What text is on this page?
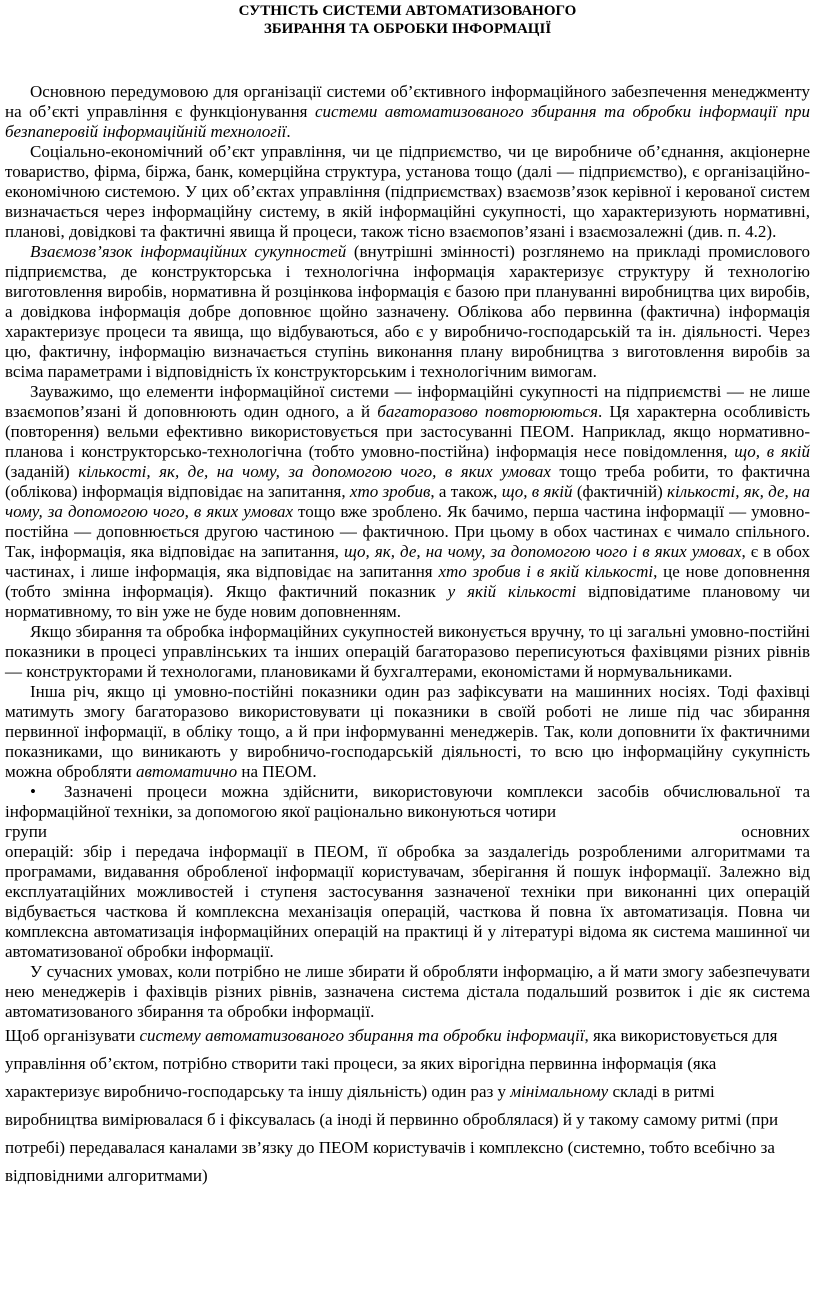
СУТНІСТЬ СИСТЕМИ АВТОМАТИЗОВАНОГО
ЗБИРАННЯ ТА ОБРОБКИ ІНФОРМАЦІЇ

Основною передумовою для організації системи об’єктивного інформаційного забезпечення менеджменту на об’єкті управління є функціонування системи автоматизованого збирання та обробки інформації при безпаперовій інформаційній технології.

Соціально-економічний об’єкт управління, чи це підприємство, чи це виробниче об’єднання, акціонерне товариство, фірма, біржа, банк, комерційна структура, установа тощо (далі — підприємство), є організаційно-економічною системою. У цих об’єктах управління (підприємствах) взаємозв’язок керівної і керованої систем визначається через інформаційну систему, в якій інформаційні сукупності, що характеризують нормативні, планові, довідкові та фактичні явища й процеси, також тісно взаємопов’язані і взаємозалежні (див. п. 4.2).

Взаємозв’язок інформаційних сукупностей (внутрішні змінності) розглянемо на прикладі промислового підприємства, де конструкторська і технологічна інформація характеризує структуру й технологію виготовлення виробів, нормативна й розцінкова інформація є базою при плануванні виробництва цих виробів, а довідкова інформація добре доповнює щойно зазначену. Облікова або первинна (фактична) інформація характеризує процеси та явища, що відбуваються, або є у виробничо-господарській та ін. діяльності. Через цю, фактичну, інформацію визначається ступінь виконання плану виробництва з виготовлення виробів за всіма параметрами і відповідність їх конструкторським і технологічним вимогам.

Зауважимо, що елементи інформаційної системи — інформаційні сукупності на підприємстві — не лише взаємопов’язані й доповнюють один одного, а й багаторазово повторюються. Ця характерна особливість (повторення) вельми ефективно використовується при застосуванні ПЕОМ. Наприклад, якщо нормативно-планова і конструкторсько-технологічна (тобто умовно-постійна) інформація несе повідомлення, що, в якій (заданій) кількості, як, де, на чому, за допомогою чого, в яких умовах тощо треба робити, то фактична (облікова) інформація відповідає на запитання, хто зробив, а також, що, в якій (фактичній) кількості, як, де, на чому, за допомогою чого, в яких умовах тощо вже зроблено. Як бачимо, перша частина інформації — умовно-постійна — доповнюється другою частиною — фактичною. При цьому в обох частинах є чимало спільного. Так, інформація, яка відповідає на запитання, що, як, де, на чому, за допомогою чого і в яких умовах, є в обох частинах, і лише інформація, яка відповідає на запитання хто зробив і в якій кількості, це нове доповнення (тобто змінна інформація). Якщо фактичний показник у якій кількості відповідатиме плановому чи нормативному, то він уже не буде новим доповненням.

Якщо збирання та обробка інформаційних сукупностей виконується вручну, то ці загальні умовно-постійні показники в процесі управлінських та інших операцій багаторазово переписуються фахівцями різних рівнів — конструкторами й технологами, плановиками й бухгалтерами, економістами й нормувальниками.

Інша річ, якщо ці умовно-постійні показники один раз зафіксувати на машинних носіях. Тоді фахівці матимуть змогу багаторазово використовувати ці показники в своїй роботі не лише під час збирання первинної інформації, в обліку тощо, а й при інформуванні менеджерів. Так, коли доповнити їх фактичними показниками, що виникають у виробничо-господарській діяльності, то всю цю інформаційну сукупність можна обробляти автоматично на ПЕОМ.

• Зазначені процеси можна здійснити, використовуючи комплекси засобів обчислювальної та інформаційної техніки, за допомогою якої раціонально виконуються чотири

групи	основних

операцій: збір і передача інформації в ПЕОМ, її обробка за заздалегідь розробленими алгоритмами та програмами, видавання обробленої інформації користувачам, зберігання й пошук інформації. Залежно від експлуатаційних можливостей і ступеня застосування зазначеної техніки при виконанні цих операцій відбувається часткова й комплексна механізація операцій, часткова й повна їх автоматизація. Повна чи комплексна автоматизація інформаційних операцій на практиці й у літературі відома як система машинної чи автоматизованої обробки інформації.

У сучасних умовах, коли потрібно не лише збирати й обробляти інформацію, а й мати змогу забезпечувати нею менеджерів і фахівців різних рівнів, зазначена система дістала подальший розвиток і діє як система автоматизованого збирання та обробки інформації.

Щоб організувати систему автоматизованого збирання та обробки інформації, яка використовується для управління об’єктом, потрібно створити такі процеси, за яких вірогідна первинна інформація (яка характеризує виробничо-господарську та іншу діяльність) один раз у мінімальному складі в ритмі виробництва вимірювалася б і фіксувалась (а іноді й первинно оброблялася) й у такому самому ритмі (при потребі) передавалася каналами зв’язку до ПЕОМ користувачів і комплексно (системно, тобто всебічно за відповідними алгоритмами)
